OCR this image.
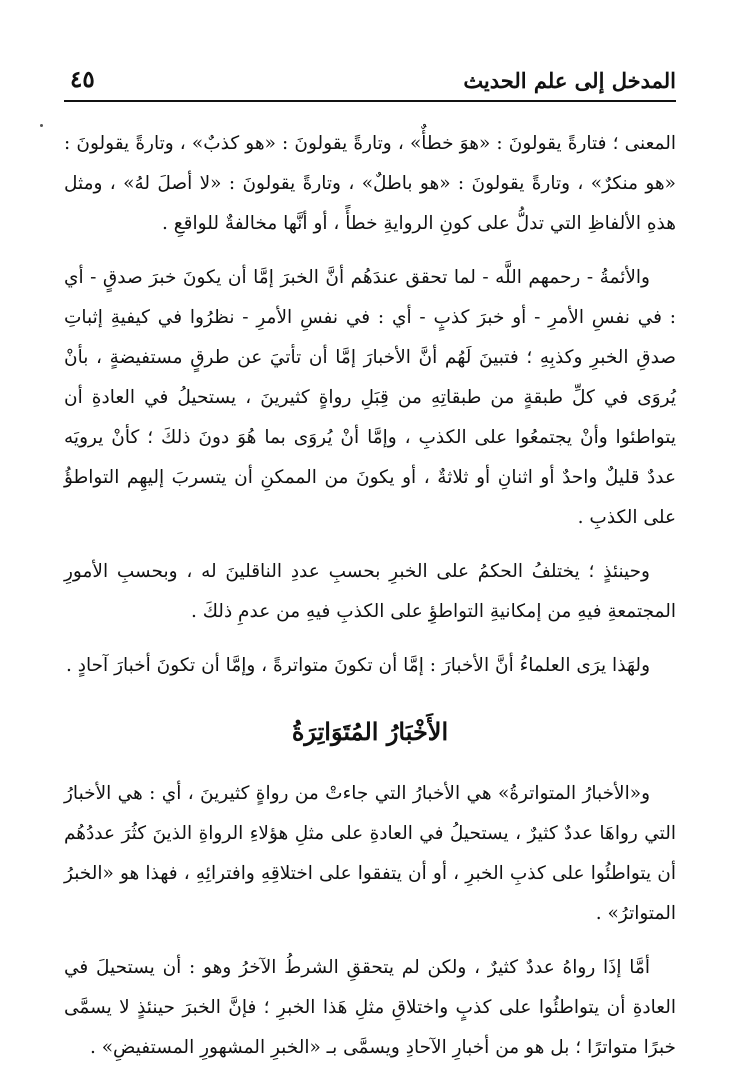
المدخل إلى علم الحديث
٤٥

المعنى ؛ فتارةً يقولونَ : «هوَ خطأٌ» ، وتارةً يقولونَ : «هو كذبٌ» ، وتارةً يقولونَ : «هو منكرٌ» ، وتارةً يقولونَ : «هو باطلٌ» ، وتارةً يقولونَ : «لا أصلَ لهُ» ، ومثل هذهِ الألفاظِ التي تدلُّ على كونِ الروايةِ خطأً ، أو أنَّها مخالفةٌ للواقعِ .

والأئمةُ - رحمهم اللَّه - لما تحقق عندَهُم أنَّ الخبرَ إمَّا أن يكونَ خبرَ صدقٍ - أي : في نفسِ الأمرِ - أو خبرَ كذبٍ - أي : في نفسِ الأمرِ - نظرُوا في كيفيةِ إثباتِ صدقِ الخبرِ وكذبِهِ ؛ فتبينَ لَهُم أنَّ الأخبارَ إمَّا أن تأتيَ عن طرقٍ مستفيضةٍ ، بأنْ يُروَى في كلِّ طبقةٍ من طبقاتِهِ من قِبَلِ رواةٍ كثيرينَ ، يستحيلُ في العادةِ أن يتواطئوا وأنْ يجتمعُوا على الكذبِ ، وإمَّا أنْ يُروَى بما هُوَ دونَ ذلكَ ؛ كأنْ يرويَه عددٌ قليلٌ واحدٌ أو اثنانِ أو ثلاثةٌ ، أو يكونَ من الممكنِ أن يتسربَ إليهِم التواطؤُ على الكذبِ .

وحينئذٍ ؛ يختلفُ الحكمُ على الخبرِ بحسبِ عددِ الناقلينَ له ، وبحسبِ الأمورِ المجتمعةِ فيهِ من إمكانيةِ التواطؤِ على الكذبِ فيهِ من عدمِ ذلكَ .

ولهَذا يرَى العلماءُ أنَّ الأخبارَ : إمَّا أن تكونَ متواترةً ، وإمَّا أن تكونَ أخبارَ آحادٍ .

الأَخْبَارُ المُتَوَاتِرَةُ

و«الأخبارُ المتواترةُ» هي الأخبارُ التي جاءتْ من رواةٍ كثيرينَ ، أي : هي الأخبارُ التي رواهَا عددٌ كثيرٌ ، يستحيلُ في العادةِ على مثلِ هؤلاءِ الرواةِ الذينَ كثُرَ عددُهُم أن يتواطئُوا على كذبِ الخبرِ ، أو أن يتفقوا على اختلاقِهِ وافترائِهِ ، فهذا هو «الخبرُ المتواترُ» .

أمَّا إذَا رواهُ عددٌ كثيرٌ ، ولكن لم يتحققِ الشرطُ الآخرُ وهو : أن يستحيلَ في العادةِ أن يتواطئُوا على كذبٍ واختلاقِ مثلِ هَذا الخبرِ ؛ فإنَّ الخبرَ حينئذٍ لا يسمَّى خبرًا متواترًا ؛ بل هو من أخبارِ الآحادِ ويسمَّى بـ «الخبرِ المشهورِ المستفيضِ» .
